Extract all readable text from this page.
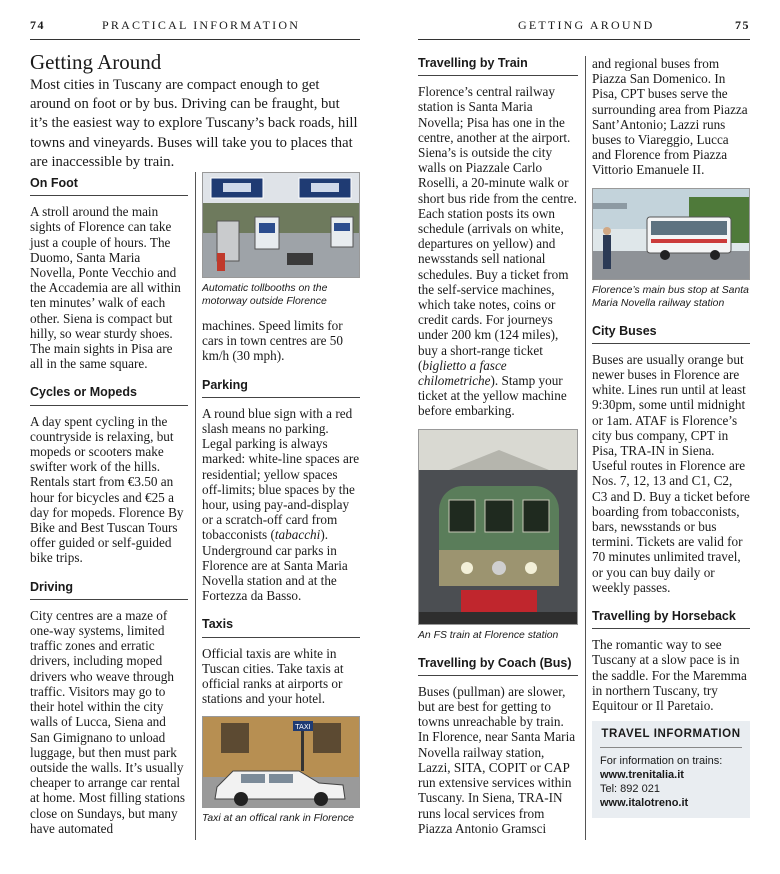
74	PRACTICAL INFORMATION	GETTING AROUND	75
Getting Around

Most cities in Tuscany are compact enough to get around on foot or by bus. Driving can be fraught, but it’s the easiest way to explore Tuscany’s back roads, hill towns and vineyards. Buses will take you to places that are inaccessible by train.

On Foot

A stroll around the main sights of Florence can take just a couple of hours. The Duomo, Santa Maria Novella, Ponte Vecchio and the Accademia are all within ten minutes’ walk of each other. Siena is compact but hilly, so wear sturdy shoes. The main sights in Pisa are all in the same square.

Cycles or Mopeds

A day spent cycling in the countryside is relaxing, but mopeds or scooters make swifter work of the hills. Rentals start from €3.50 an hour for bicycles and €25 a day for mopeds. Florence By Bike and Best Tuscan Tours offer guided or self-guided bike trips.

Driving

City centres are a maze of one-way systems, limited traffic zones and erratic drivers, including moped drivers who weave through traffic. Visitors may go to their hotel within the city walls of Lucca, Siena and San Gimignano to unload luggage, but then must park outside the walls. It’s usually cheaper to arrange car rental at home. Most filling stations close on Sundays, but many have automated

Automatic tollbooths on the motorway outside Florence

machines. Speed limits for cars in town centres are 50 km/h (30 mph).

Parking

A round blue sign with a red slash means no parking. Legal parking is always marked: white-line spaces are residential; yellow spaces off-limits; blue spaces by the hour, using pay-and-display or a scratch-off card from tobacconists (tabacchi). Underground car parks in Florence are at Santa Maria Novella station and at the Fortezza da Basso.

Taxis

Official taxis are white in Tuscan cities. Take taxis at official ranks at airports or stations and your hotel.

TAXI

Taxi at an offical rank in Florence

Travelling by Train

Florence’s central railway station is Santa Maria Novella; Pisa has one in the centre, another at the airport. Siena’s is outside the city walls on Piazzale Carlo Roselli, a 20-minute walk or short bus ride from the centre. Each station posts its own schedule (arrivals on white, departures on yellow) and newsstands sell national schedules. Buy a ticket from the self-service machines, which take notes, coins or credit cards. For journeys under 200 km (124 miles), buy a short-range ticket (biglietto a fasce chilometriche). Stamp your ticket at the yellow machine before embarking.

An FS train at Florence station

Travelling by Coach (Bus)

Buses (pullman) are slower, but are best for getting to towns unreachable by train. In Florence, near Santa Maria Novella railway station, Lazzi, SITA, COPIT or CAP run extensive services within Tuscany. In Siena, TRA-IN runs local services from Piazza Antonio Gramsci

and regional buses from Piazza San Domenico. In Pisa, CPT buses serve the surrounding area from Piazza Sant’Antonio; Lazzi runs buses to Viareggio, Lucca and Florence from Piazza Vittorio Emanuele II.

Florence’s main bus stop at Santa Maria Novella railway station

City Buses

Buses are usually orange but newer buses in Florence are white. Lines run until at least 9:30pm, some until midnight or 1am. ATAF is Florence’s city bus company, CPT in Pisa, TRA-IN in Siena. Useful routes in Florence are Nos. 7, 12, 13 and C1, C2, C3 and D. Buy a ticket before boarding from tobacconists, bars, newsstands or bus termini. Tickets are valid for 70 minutes unlimited travel, or you can buy daily or weekly passes.

Travelling by Horseback

The romantic way to see Tuscany at a slow pace is in the saddle. For the Maremma in northern Tuscany, try Equitour or Il Paretaio.

TRAVEL INFORMATION
For information on trains:
www.trenitalia.it
Tel: 892 021
www.italotreno.it
